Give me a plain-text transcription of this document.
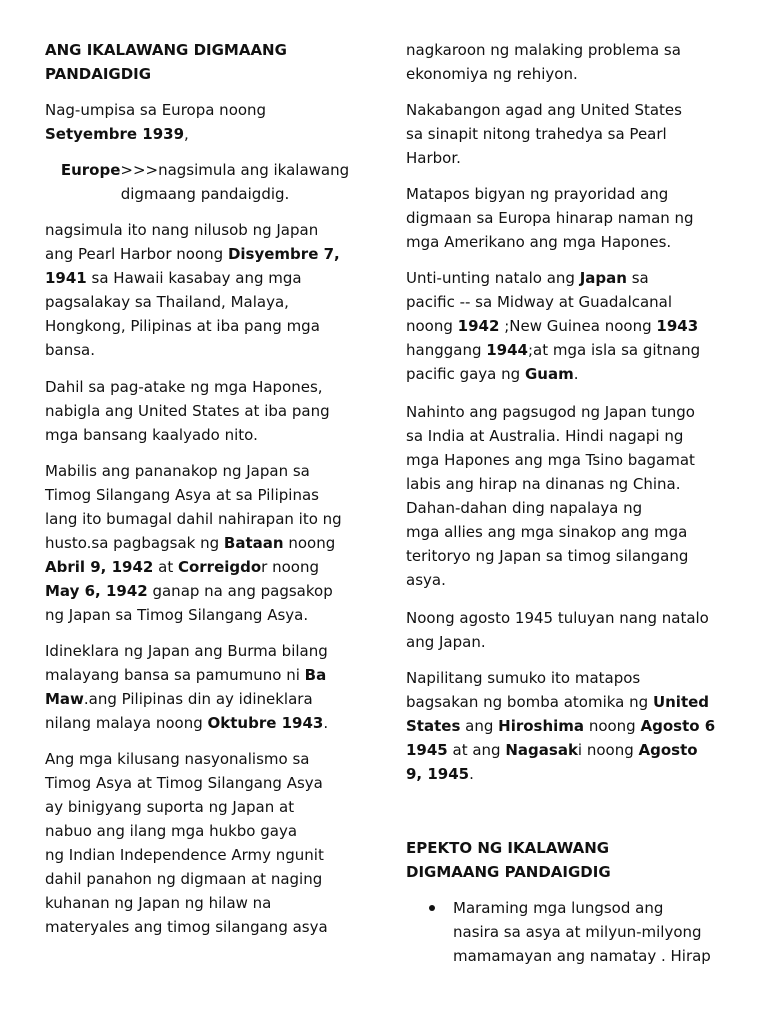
ANG IKALAWANG DIGMAANG
PANDAIGDIG
Nag-umpisa sa Europa noong
Setyembre 1939,
Europe>>>nagsimula ang ikalawang
digmaang pandaigdig.
nagsimula ito nang nilusob ng Japan
ang Pearl Harbor noong Disyembre 7,
1941 sa Hawaii kasabay ang mga
pagsalakay sa Thailand, Malaya,
Hongkong, Pilipinas at iba pang mga
bansa.
Dahil sa pag-atake ng mga Hapones,
nabigla ang United States at iba pang
mga bansang kaalyado nito.
Mabilis ang pananakop ng Japan sa
Timog Silangang Asya at sa Pilipinas
lang ito bumagal dahil nahirapan ito ng
husto.sa pagbagsak ng Bataan noong
Abril 9, 1942 at Correigdor noong
May 6, 1942 ganap na ang pagsakop
ng Japan sa Timog Silangang Asya.
Idineklara ng Japan ang Burma bilang
malayang bansa sa pamumuno ni Ba
Maw.ang Pilipinas din ay idineklara
nilang malaya noong Oktubre 1943.
Ang mga kilusang nasyonalismo sa
Timog Asya at Timog Silangang Asya
ay binigyang suporta ng Japan at
nabuo ang ilang mga hukbo gaya
ng Indian Independence Army ngunit
dahil panahon ng digmaan at naging
kuhanan ng Japan ng hilaw na
materyales ang timog silangang asya
nagkaroon ng malaking problema sa
ekonomiya ng rehiyon.
Nakabangon agad ang United States
sa sinapit nitong trahedya sa Pearl
Harbor.
Matapos bigyan ng prayoridad ang
digmaan sa Europa hinarap naman ng
mga Amerikano ang mga Hapones.
Unti-unting natalo ang Japan sa
pacific -- sa Midway at Guadalcanal
noong 1942 ;New Guinea noong 1943
hanggang 1944;at mga isla sa gitnang
pacific gaya ng Guam.
Nahinto ang pagsugod ng Japan tungo
sa India at Australia. Hindi nagapi ng
mga Hapones ang mga Tsino bagamat
labis ang hirap na dinanas ng China.
Dahan-dahan ding napalaya ng
mga allies ang mga sinakop ang mga
teritoryo ng Japan sa timog silangang
asya.
Noong agosto 1945 tuluyan nang natalo
ang Japan.
Napilitang sumuko ito matapos
bagsakan ng bomba atomika ng United
States ang Hiroshima noong Agosto 6
1945 at ang Nagasaki noong Agosto
9, 1945.
EPEKTO NG IKALAWANG
DIGMAANG PANDAIGDIG
Maraming mga lungsod ang
nasira sa asya at milyun-milyong
mamamayan ang namatay . Hirap
